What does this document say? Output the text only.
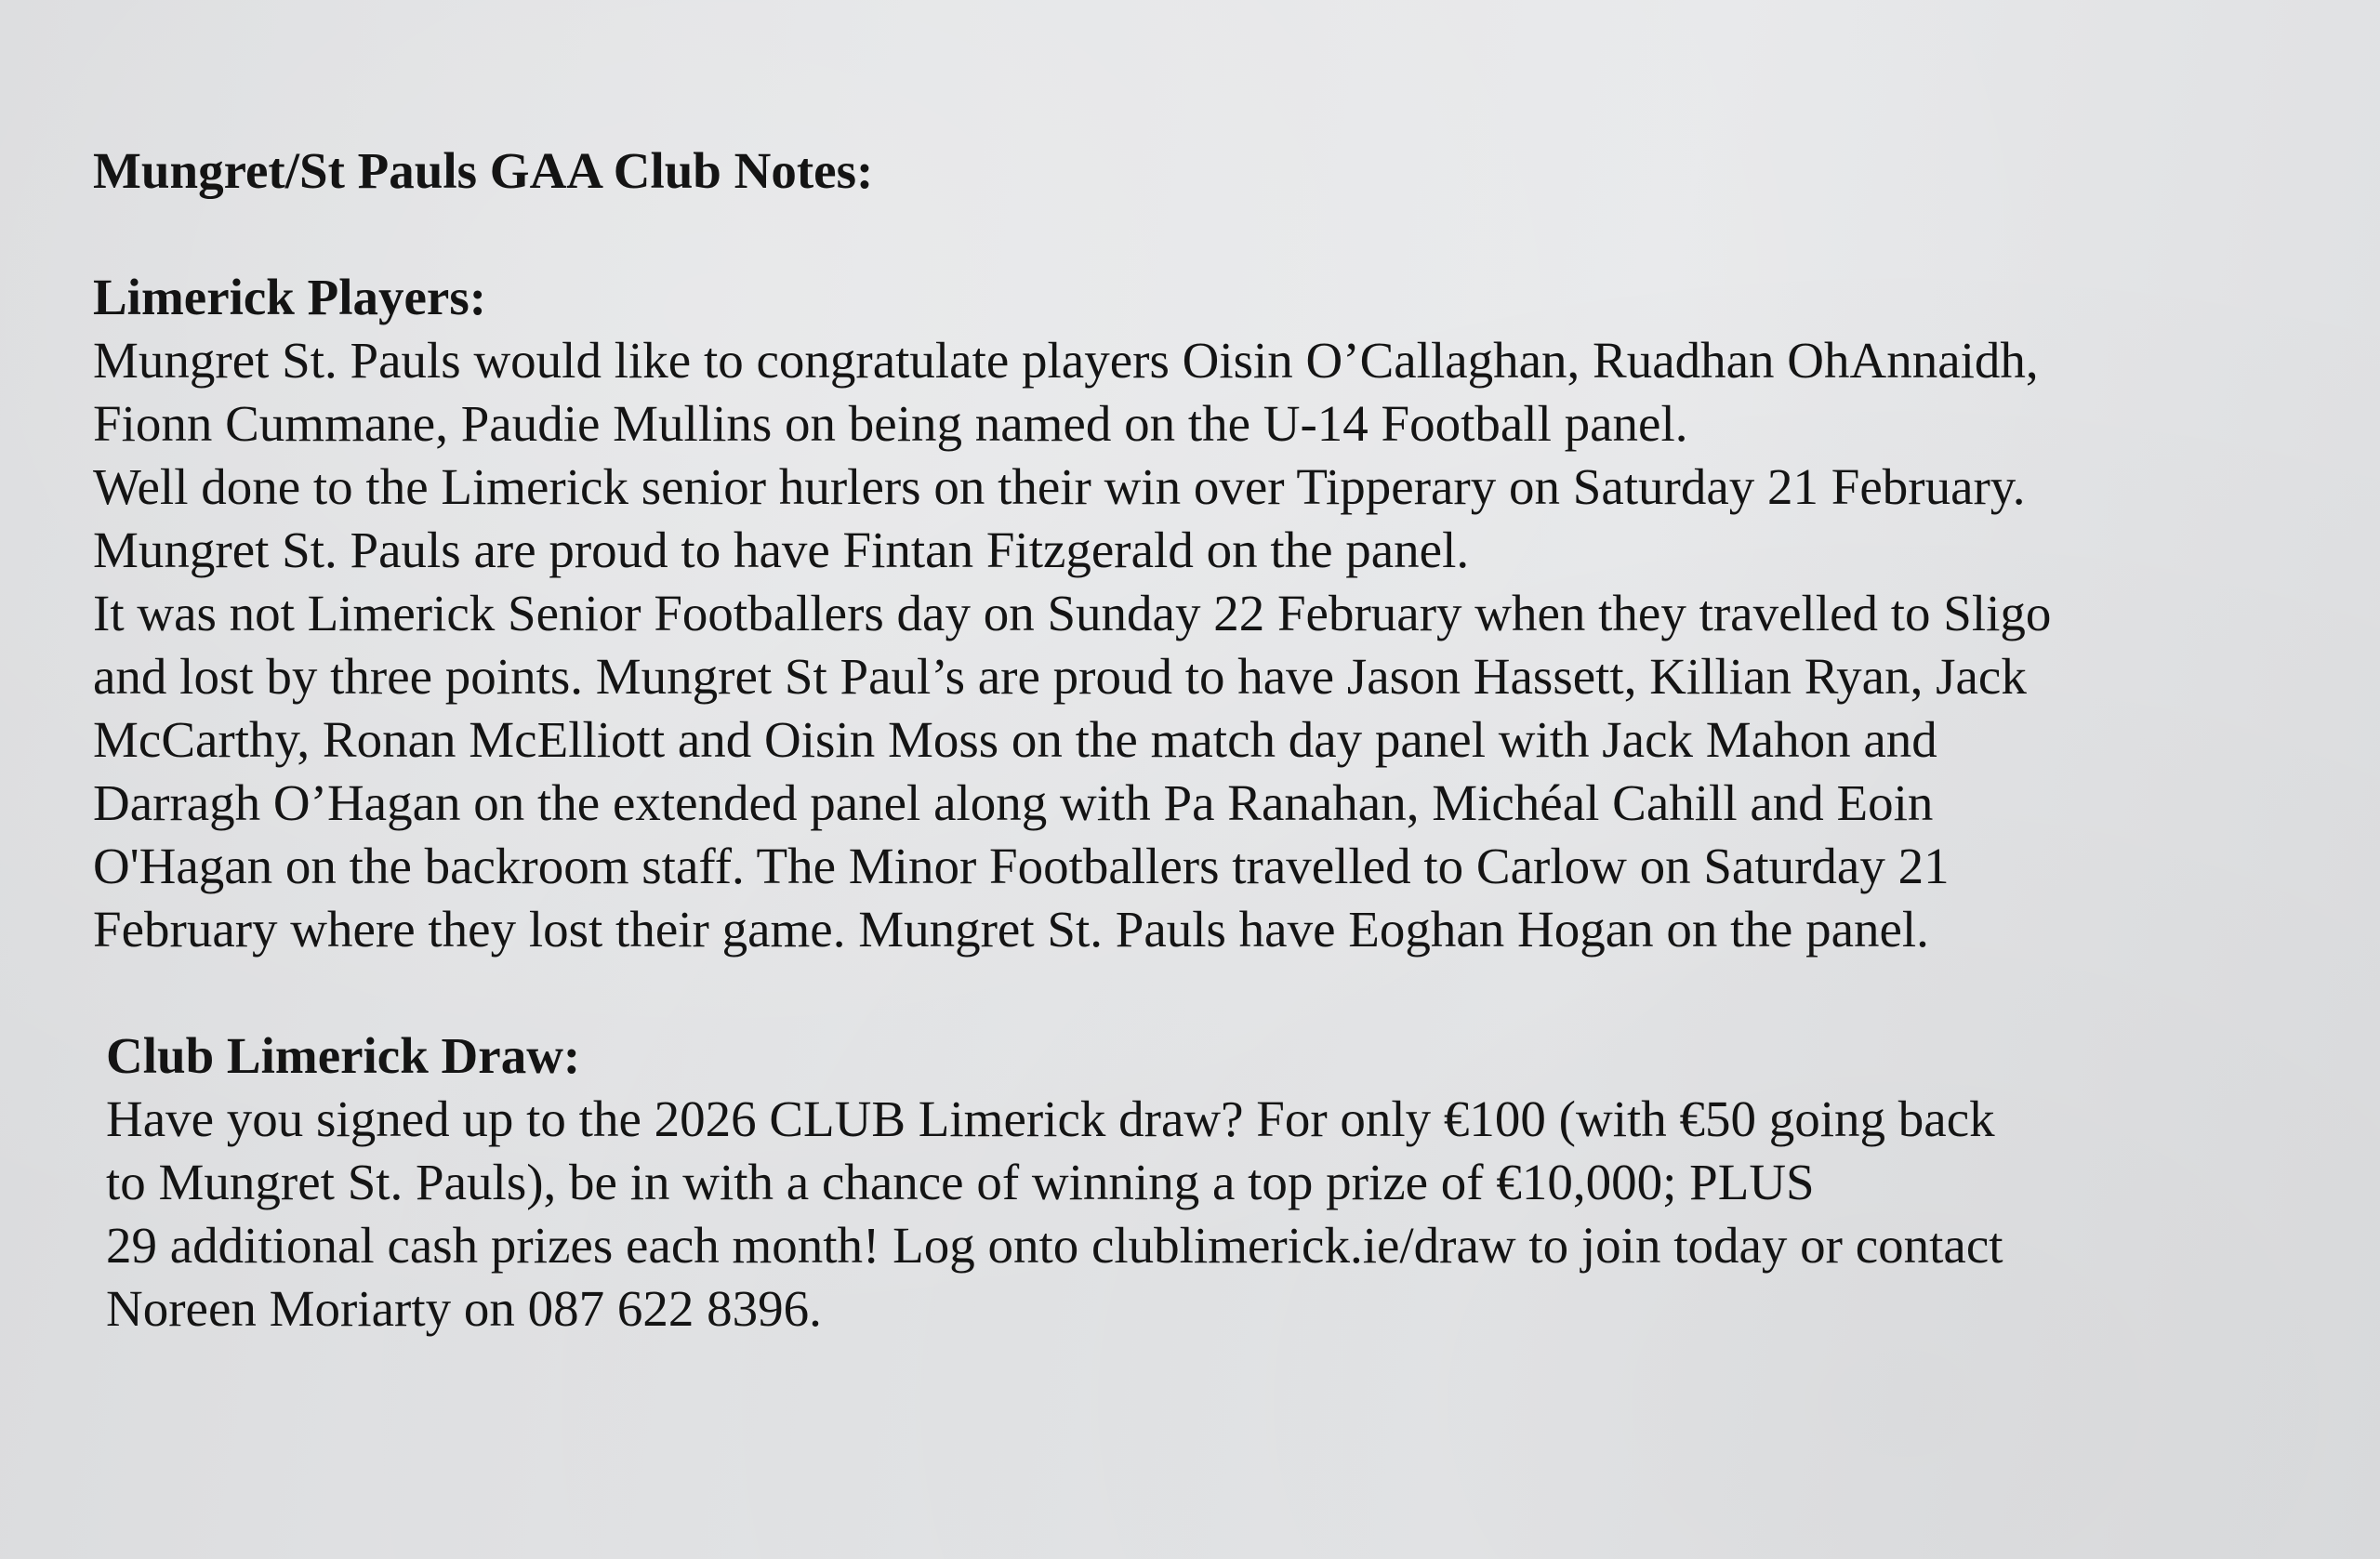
Mungret/St Pauls GAA Club Notes:

Limerick Players:

Mungret St. Pauls would like to congratulate players Oisin O’Callaghan, Ruadhan OhAnnaidh,

Fionn Cummane, Paudie Mullins on being named on the U-14 Football panel.

Well done to the Limerick senior hurlers on their win over Tipperary on Saturday 21 February.

Mungret St. Pauls are proud to have Fintan Fitzgerald on the panel.

It was not Limerick Senior Footballers day on Sunday 22 February when they travelled to Sligo

and lost by three points. Mungret St Paul’s are proud to have Jason Hassett, Killian Ryan, Jack

McCarthy, Ronan McElliott and Oisin Moss on the match day panel with Jack Mahon and

Darragh O’Hagan on the extended panel along with Pa Ranahan, Michéal Cahill and Eoin

O'Hagan on the backroom staff. The Minor Footballers travelled to Carlow on Saturday 21

February where they lost their game. Mungret St. Pauls have Eoghan Hogan on the panel.

Club Limerick Draw:

Have you signed up to the 2026 CLUB Limerick draw? For only €100 (with €50 going back

to Mungret St. Pauls), be in with a chance of winning a top prize of €10,000; PLUS

29 additional cash prizes each month! Log onto clublimerick.ie/draw to join today or contact

Noreen Moriarty on 087 622 8396.
